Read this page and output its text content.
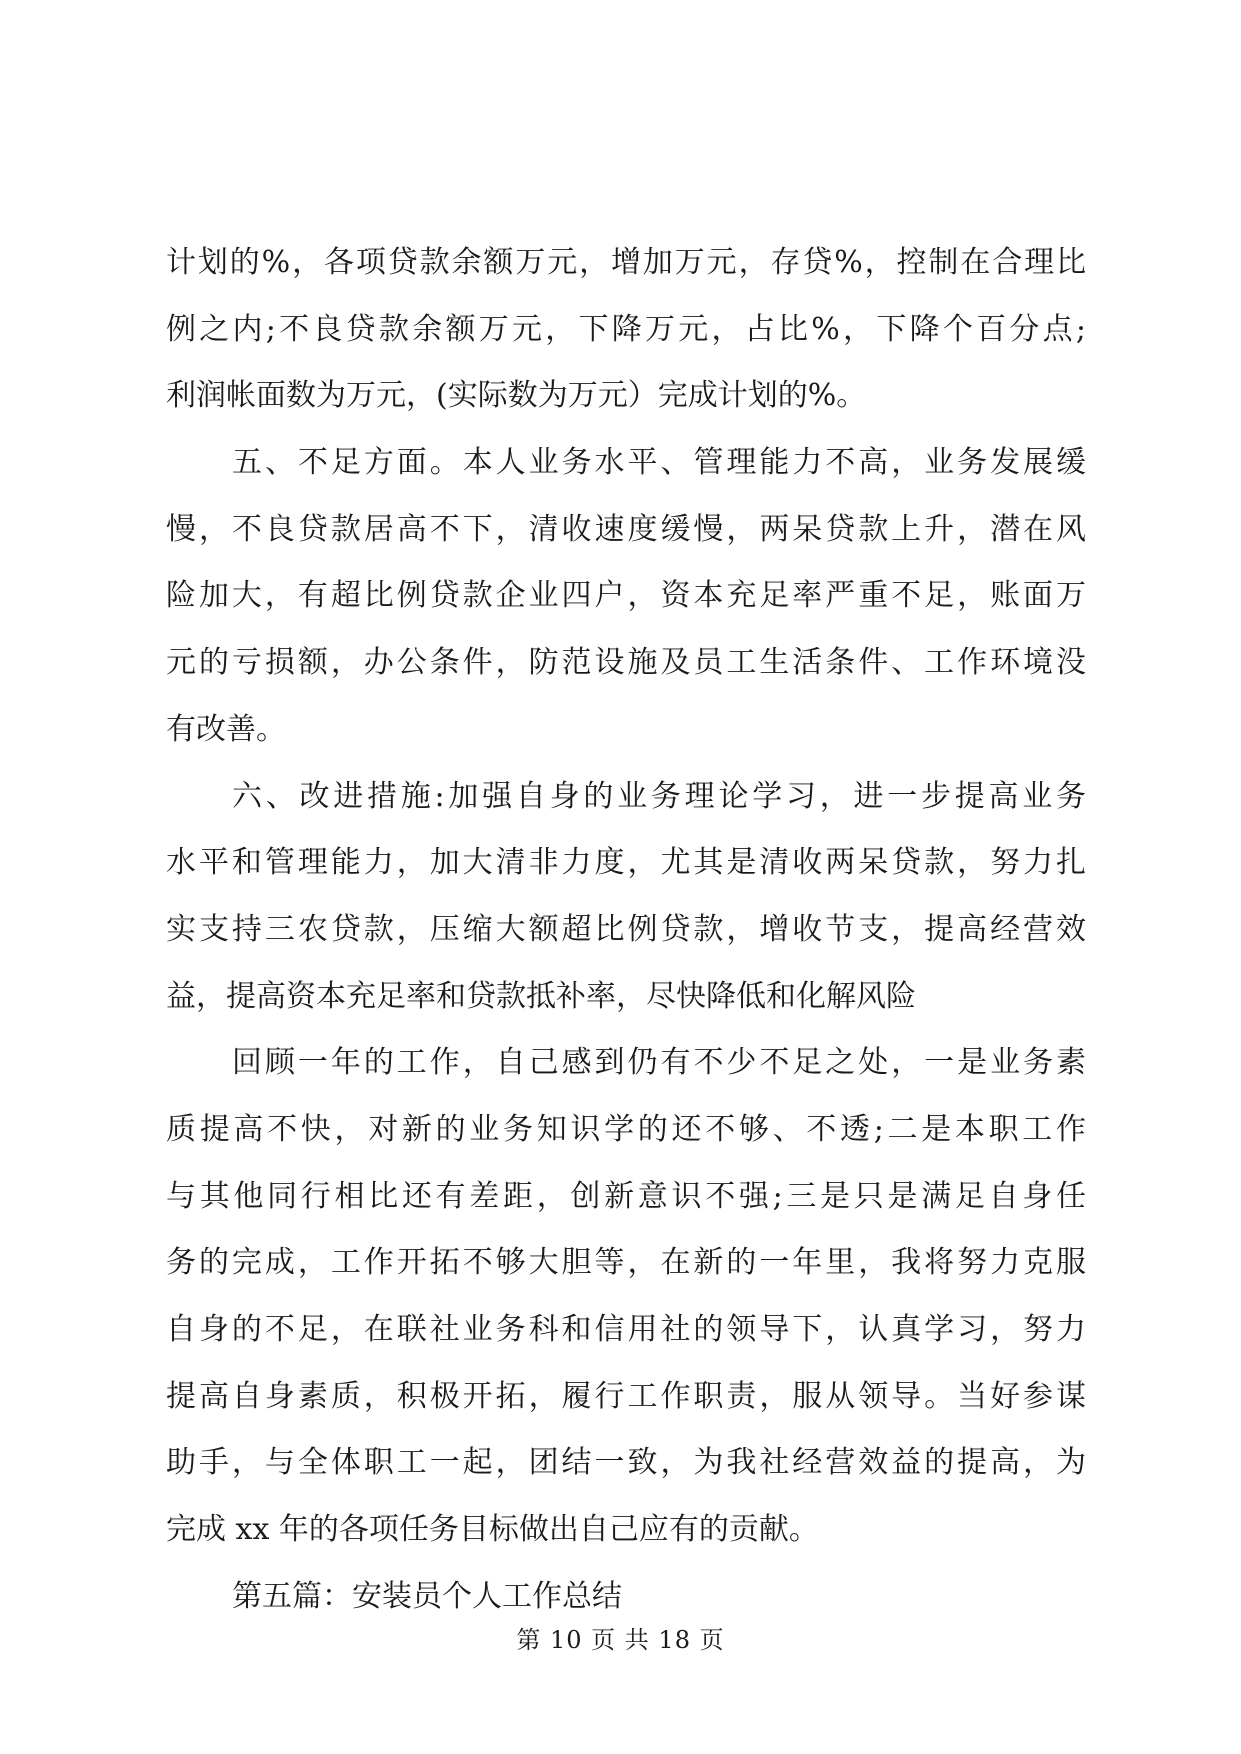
计划的%，各项贷款余额万元，增加万元，存贷%，控制在合理比
例之内;不良贷款余额万元，下降万元，占比%，下降个百分点;
利润帐面数为万元，(实际数为万元）完成计划的%。
五、不足方面。本人业务水平、管理能力不高，业务发展缓
慢，不良贷款居高不下，清收速度缓慢，两呆贷款上升，潜在风
险加大，有超比例贷款企业四户，资本充足率严重不足，账面万
元的亏损额，办公条件，防范设施及员工生活条件、工作环境没
有改善。
六、改进措施:加强自身的业务理论学习，进一步提高业务
水平和管理能力，加大清非力度，尤其是清收两呆贷款，努力扎
实支持三农贷款，压缩大额超比例贷款，增收节支，提高经营效
益，提高资本充足率和贷款抵补率，尽快降低和化解风险
回顾一年的工作，自己感到仍有不少不足之处，一是业务素
质提高不快，对新的业务知识学的还不够、不透;二是本职工作
与其他同行相比还有差距，创新意识不强;三是只是满足自身任
务的完成，工作开拓不够大胆等，在新的一年里，我将努力克服
自身的不足，在联社业务科和信用社的领导下，认真学习，努力
提高自身素质，积极开拓，履行工作职责，服从领导。当好参谋
助手，与全体职工一起，团结一致，为我社经营效益的提高，为
完成 xx 年的各项任务目标做出自己应有的贡献。
第五篇：安装员个人工作总结
第 10 页 共 18 页
